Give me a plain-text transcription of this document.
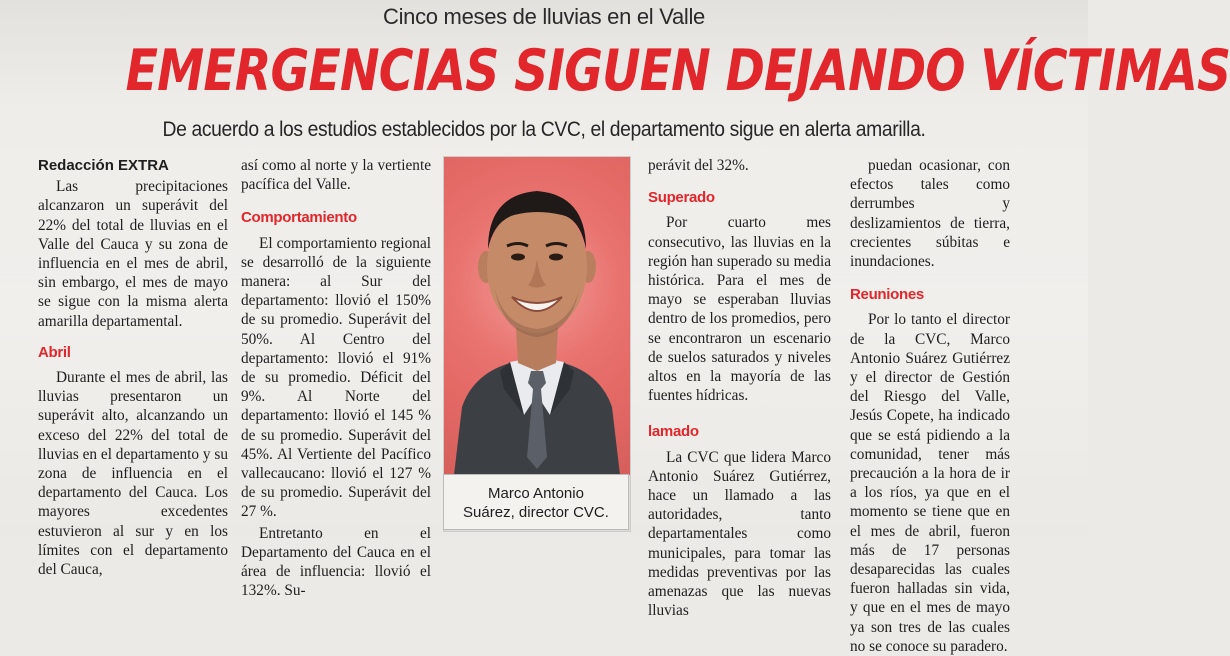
Cinco meses de lluvias en el Valle
EMERGENCIAS SIGUEN DEJANDO VÍCTIMAS
De acuerdo a los estudios establecidos por la CVC, el departamento sigue en alerta amarilla.
Redacción EXTRA

Las precipitaciones alcanzaron un superávit del 22% del total de lluvias en el Valle del Cauca y su zona de influencia en el mes de abril, sin embargo, el mes de mayo se sigue con la misma alerta amarilla departamental.

Abril

Durante el mes de abril, las lluvias presentaron un superávit alto, alcanzando un exceso del 22% del total de lluvias en el departamento y su zona de influencia en el departamento del Cauca. Los mayores excedentes estuvieron al sur y en los límites con el departamento del Cauca,

así como al norte y la vertiente pacífica del Valle.

Comportamiento

El comportamiento regional se desarrolló de la siguiente manera: al Sur del departamento: llovió el 150% de su promedio. Superávit del 50%. Al Centro del departamento: llovió el 91% de su promedio. Déficit del 9%. Al Norte del departamento: llovió el 145 % de su promedio. Superávit del 45%. Al Vertiente del Pacífico vallecaucano: llovió el 127 % de su promedio. Superávit del 27 %.

Entretanto en el Departamento del Cauca en el área de influencia: llovió el 132%. Su-

Marco Antonio
Suárez, director CVC.

perávit del 32%.

Superado

Por cuarto mes consecutivo, las lluvias en la región han superado su media histórica. Para el mes de mayo se esperaban lluvias dentro de los promedios, pero se encontraron un escenario de suelos saturados y niveles altos en la mayoría de las fuentes hídricas.

lamado

La CVC que lidera Marco Antonio Suárez Gutiérrez, hace un llamado a las autoridades, tanto departamentales como municipales, para tomar las medidas preventivas por las amenazas que las nuevas lluvias

puedan ocasionar, con efectos tales como derrumbes y deslizamientos de tierra, crecientes súbitas e inundaciones.

Reuniones

Por lo tanto el director de la CVC, Marco Antonio Suárez Gutiérrez y el director de Gestión del Riesgo del Valle, Jesús Copete, ha indicado que se está pidiendo a la comunidad, tener más precaución a la hora de ir a los ríos, ya que en el momento se tiene que en el mes de abril, fueron más de 17 personas desaparecidas las cuales fueron halladas sin vida, y que en el mes de mayo ya son tres de las cuales no se conoce su paradero.
